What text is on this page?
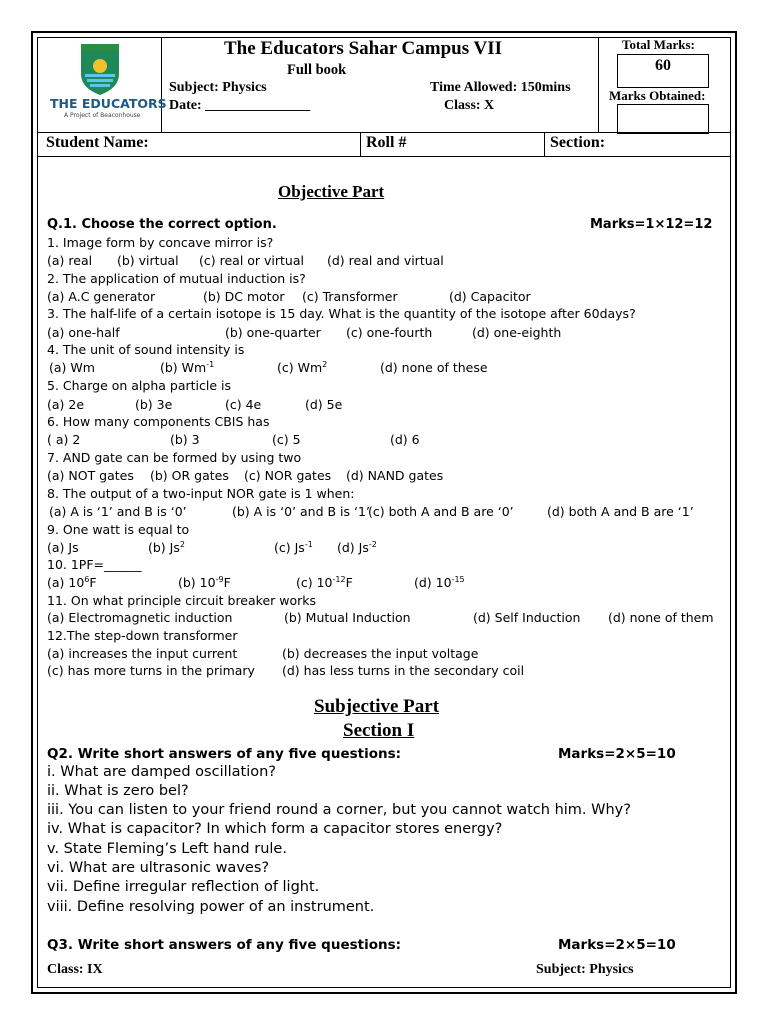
THE EDUCATORS
A Project of Beaconhouse
The Educators Sahar Campus VII
Full book
Subject: Physics
Date: _______________
Time Allowed: 150mins
Class: X
Total Marks:
60
Marks Obtained:
Student Name:	Roll #	Section:
Objective Part
Q.1. Choose the correct option.	Marks=1×12=12
1. Image form by concave mirror is?
(a) real (b) virtual (c) real or virtual (d) real and virtual
2. The application of mutual induction is?
(a) A.C generator	(b) DC motor (c) Transformer	(d) Capacitor
3. The half-life of a certain isotope is 15 day. What is the quantity of the isotope after 60days?
(a) one-half	(b) one-quarter (c) one-fourth	(d) one-eighth
4. The unit of sound intensity is
(a) Wm	(b) $Wm^{-1}$	(c) Wm$^2$	(d) none of these
5. Charge on alpha particle is
(a) 2e	(b) 3e	(c) 4e	(d) 5e
6. How many components CBIS has
( a) 2	(b) 3	(c) 5	(d) 6
7. AND gate can be formed by using two
(a) NOT gates (b) OR gates (c) NOR gates (d) NAND gates
8. The output of a two-input NOR gate is 1 when:
(a) A is ‘1’ and B is ‘0’	(b) A is ‘0’ and B is ‘1’
(c) both A and B are ‘0’	(d) both A and B are ‘1’
9. One watt is equal to
(a) Js	(b) Js$^2$	(c) $Js^{-1}$ (d) $Js^{-2}$
10. 1PF=______
(a) $10^6F$	(b) $10^{-9}F$	(c) $10^{-12}F$	(d) $10^{-15}$
11. On what principle circuit breaker works
(a) Electromagnetic induction	(b) Mutual Induction	(d) Self Induction (d) none of them
12.The step-down transformer
(a) increases the input current	(b) decreases the input voltage
(c) has more turns in the primary (d) has less turns in the secondary coil
Subjective Part
Section I
Q2. Write short answers of any five questions:	Marks=2×5=10
i. What are damped oscillation?
ii. What is zero bel?
iii. You can listen to your friend round a corner, but you cannot watch him. Why?
iv. What is capacitor? In which form a capacitor stores energy?
v. State Fleming’s Left hand rule.
vi. What are ultrasonic waves?
vii. Define irregular reflection of light.
viii. Define resolving power of an instrument.
Q3. Write short answers of any five questions:	Marks=2×5=10
Class: IX	Subject: Physics
